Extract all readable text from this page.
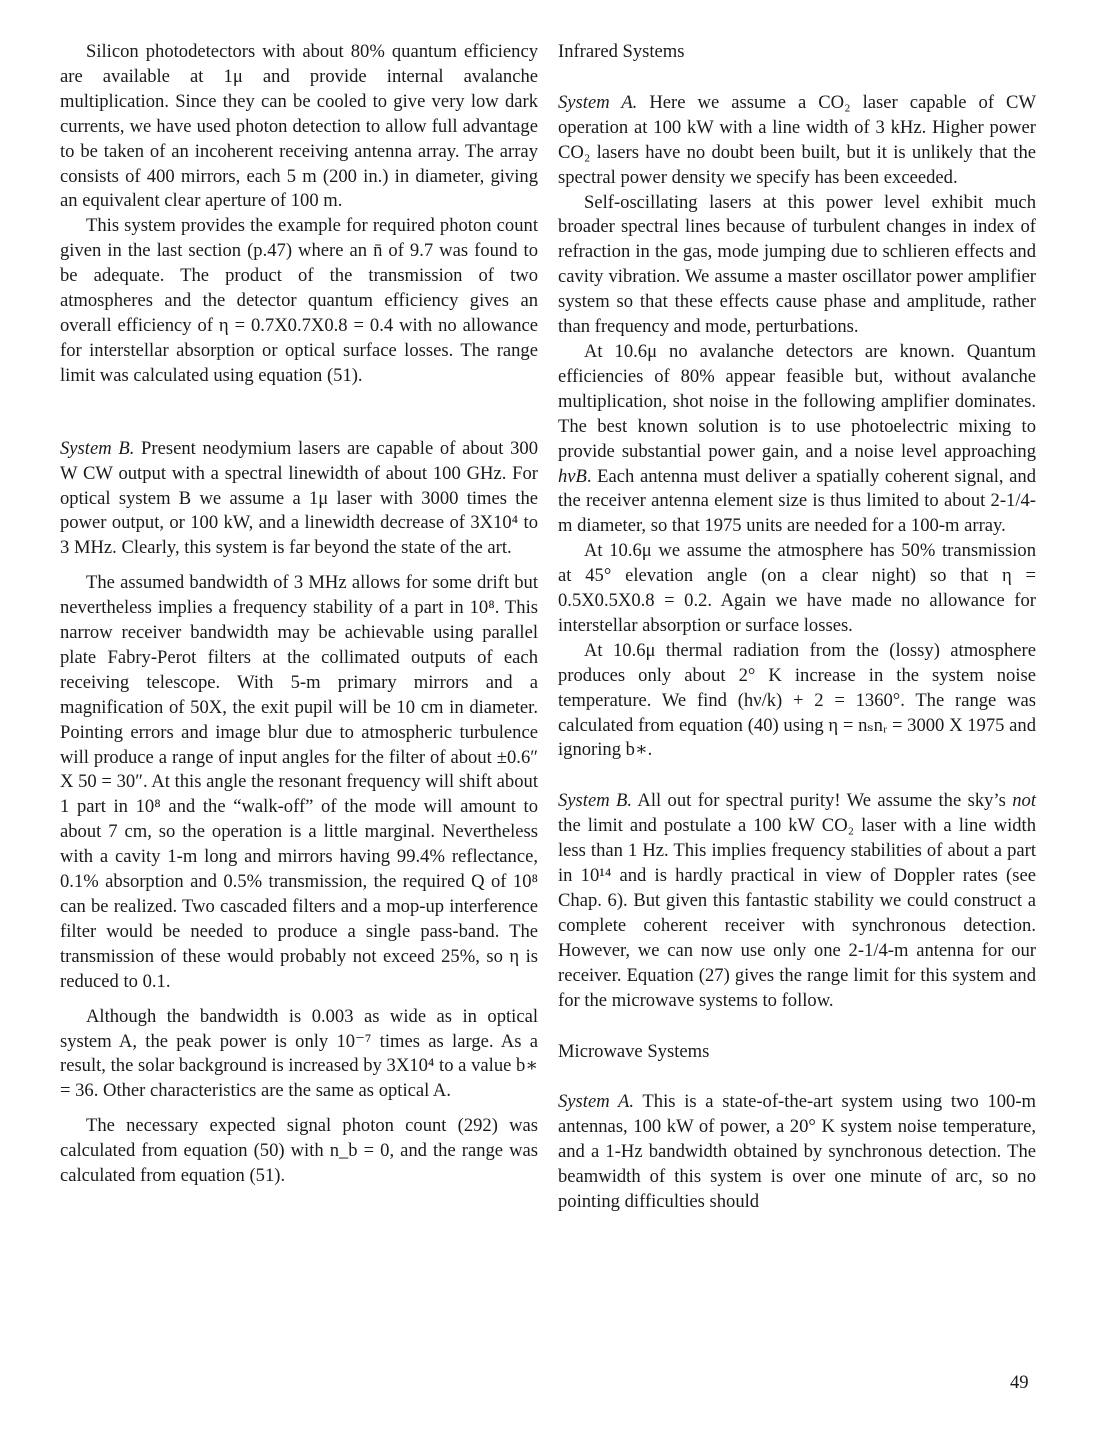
Silicon photodetectors with about 80% quantum efficiency are available at 1μ and provide internal avalanche multiplication. Since they can be cooled to give very low dark currents, we have used photon detection to allow full advantage to be taken of an incoherent receiving antenna array. The array consists of 400 mirrors, each 5 m (200 in.) in diameter, giving an equivalent clear aperture of 100 m.

This system provides the example for required photon count given in the last section (p.47) where an n̄ of 9.7 was found to be adequate. The product of the transmission of two atmospheres and the detector quantum efficiency gives an overall efficiency of η = 0.7X0.7X0.8 = 0.4 with no allowance for interstellar absorption or optical surface losses. The range limit was calculated using equation (51).

System B. Present neodymium lasers are capable of about 300 W CW output with a spectral linewidth of about 100 GHz. For optical system B we assume a 1μ laser with 3000 times the power output, or 100 kW, and a linewidth decrease of 3X10⁴ to 3 MHz. Clearly, this system is far beyond the state of the art.

The assumed bandwidth of 3 MHz allows for some drift but nevertheless implies a frequency stability of a part in 10⁸. This narrow receiver bandwidth may be achievable using parallel plate Fabry-Perot filters at the collimated outputs of each receiving telescope. With 5-m primary mirrors and a magnification of 50X, the exit pupil will be 10 cm in diameter. Pointing errors and image blur due to atmospheric turbulence will produce a range of input angles for the filter of about ±0.6″ X 50 = 30″. At this angle the resonant frequency will shift about 1 part in 10⁸ and the “walk-off” of the mode will amount to about 7 cm, so the operation is a little marginal. Nevertheless with a cavity 1-m long and mirrors having 99.4% reflectance, 0.1% absorption and 0.5% transmission, the required Q of 10⁸ can be realized. Two cascaded filters and a mop-up interference filter would be needed to produce a single pass-band. The transmission of these would probably not exceed 25%, so η is reduced to 0.1.

Although the bandwidth is 0.003 as wide as in optical system A, the peak power is only 10⁻⁷ times as large. As a result, the solar background is increased by 3X10⁴ to a value b∗ = 36. Other characteristics are the same as optical A.

The necessary expected signal photon count (292) was calculated from equation (50) with n_b = 0, and the range was calculated from equation (51).

Infrared Systems

System A. Here we assume a CO₂ laser capable of CW operation at 100 kW with a line width of 3 kHz. Higher power CO₂ lasers have no doubt been built, but it is unlikely that the spectral power density we specify has been exceeded.

Self-oscillating lasers at this power level exhibit much broader spectral lines because of turbulent changes in index of refraction in the gas, mode jumping due to schlieren effects and cavity vibration. We assume a master oscillator power amplifier system so that these effects cause phase and amplitude, rather than frequency and mode, perturbations.

At 10.6μ no avalanche detectors are known. Quantum efficiencies of 80% appear feasible but, without avalanche multiplication, shot noise in the following amplifier dominates. The best known solution is to use photoelectric mixing to provide substantial power gain, and a noise level approaching hνB. Each antenna must deliver a spatially coherent signal, and the receiver antenna element size is thus limited to about 2-1/4-m diameter, so that 1975 units are needed for a 100-m array.

At 10.6μ we assume the atmosphere has 50% transmission at 45° elevation angle (on a clear night) so that η = 0.5X0.5X0.8 = 0.2. Again we have made no allowance for interstellar absorption or surface losses.

At 10.6μ thermal radiation from the (lossy) atmosphere produces only about 2° K increase in the system noise temperature. We find (hν/k) + 2 = 1360°. The range was calculated from equation (40) using η = nₛnᵣ = 3000 X 1975 and ignoring b∗.

System B. All out for spectral purity! We assume the sky’s not the limit and postulate a 100 kW CO₂ laser with a line width less than 1 Hz. This implies frequency stabilities of about a part in 10¹⁴ and is hardly practical in view of Doppler rates (see Chap. 6). But given this fantastic stability we could construct a complete coherent receiver with synchronous detection. However, we can now use only one 2-1/4-m antenna for our receiver. Equation (27) gives the range limit for this system and for the microwave systems to follow.

Microwave Systems

System A. This is a state-of-the-art system using two 100-m antennas, 100 kW of power, a 20° K system noise temperature, and a 1-Hz bandwidth obtained by synchronous detection. The beamwidth of this system is over one minute of arc, so no pointing difficulties should

49
